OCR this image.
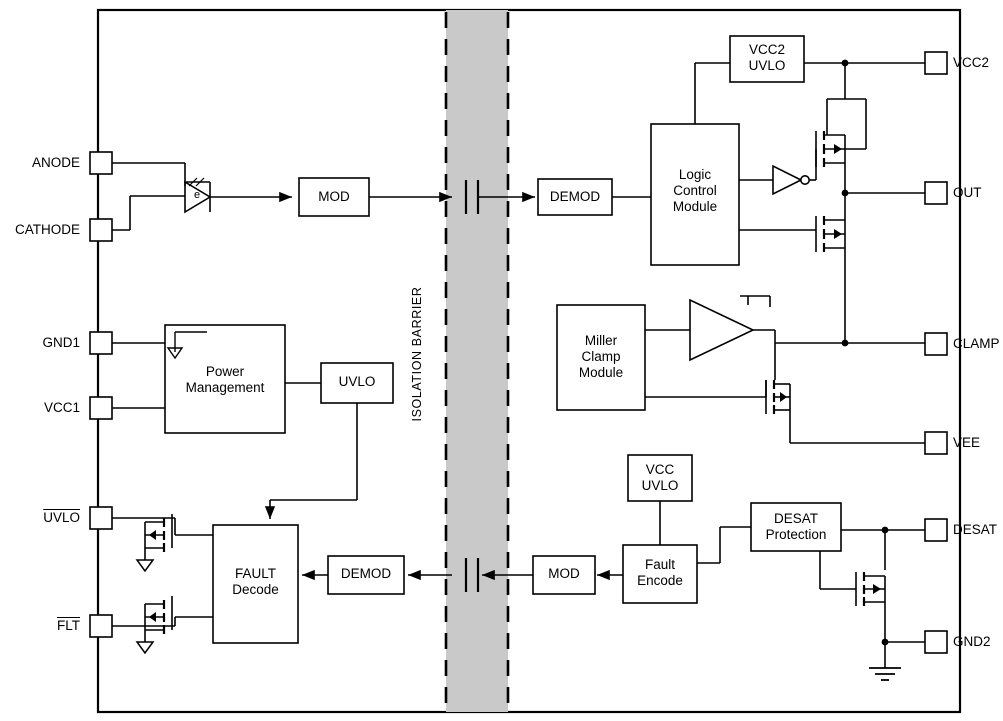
ISOLATION BARRIER
e
ANODE
CATHODE
GND1
VCC1
UVLO
$\overline{FLT}$
VCC2
OUT
CLAMP
VEE
DESAT
GND2
VCC2
UVLO
MOD	DEMOD
Logic
Control
Module
Power
Management	UVLO
Miller
Clamp
Module
FAULT
Decode
DEMOD	MOD
Fault
Encode
VCC
UVLO
DESAT
Protection
